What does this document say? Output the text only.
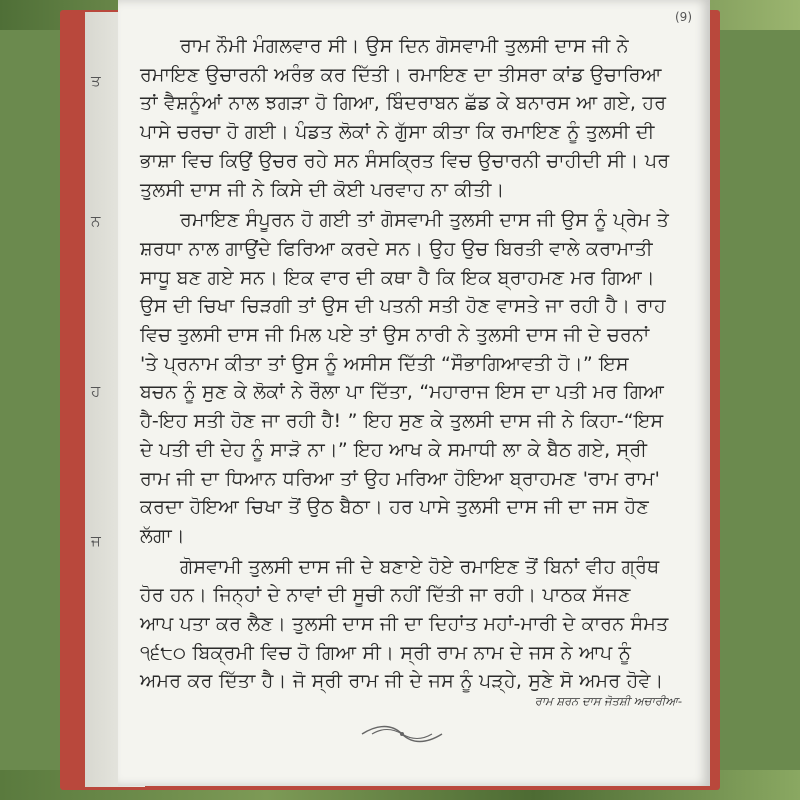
ਤ
ਨ
ਹ
ਜ
(9)

ਰਾਮ ਨੌਮੀ ਮੰਗਲਵਾਰ ਸੀ। ਉਸ ਦਿਨ ਗੋਸਵਾਮੀ ਤੁਲਸੀ ਦਾਸ ਜੀ ਨੇ ਰਮਾਇਣ ਉਚਾਰਨੀ ਅਰੰਭ ਕਰ ਦਿੱਤੀ। ਰਮਾਇਣ ਦਾ ਤੀਸਰਾ ਕਾਂਡ ਉਚਾਰਿਆ ਤਾਂ ਵੈਸ਼ਨੂੰਆਂ ਨਾਲ ਝਗੜਾ ਹੋ ਗਿਆ, ਬਿੰਦਰਾਬਨ ਛੱਡ ਕੇ ਬਨਾਰਸ ਆ ਗਏ, ਹਰ ਪਾਸੇ ਚਰਚਾ ਹੋ ਗਈ। ਪੰਡਤ ਲੋਕਾਂ ਨੇ ਗੁੱਸਾ ਕੀਤਾ ਕਿ ਰਮਾਇਣ ਨੂੰ ਤੁਲਸੀ ਦੀ ਭਾਸ਼ਾ ਵਿਚ ਕਿਉਂ ਉਚਰ ਰਹੇ ਸਨ ਸੰਸਕ੍ਰਿਤ ਵਿਚ ਉਚਾਰਨੀ ਚਾਹੀਦੀ ਸੀ। ਪਰ ਤੁਲਸੀ ਦਾਸ ਜੀ ਨੇ ਕਿਸੇ ਦੀ ਕੋਈ ਪਰਵਾਹ ਨਾ ਕੀਤੀ।

ਰਮਾਇਣ ਸੰਪੂਰਨ ਹੋ ਗਈ ਤਾਂ ਗੋਸਵਾਮੀ ਤੁਲਸੀ ਦਾਸ ਜੀ ਉਸ ਨੂੰ ਪ੍ਰੇਮ ਤੇ ਸ਼ਰਧਾ ਨਾਲ ਗਾਉਂਦੇ ਫਿਰਿਆ ਕਰਦੇ ਸਨ। ਉਹ ਉਚ ਬਿਰਤੀ ਵਾਲੇ ਕਰਾਮਾਤੀ ਸਾਧੂ ਬਣ ਗਏ ਸਨ। ਇਕ ਵਾਰ ਦੀ ਕਥਾ ਹੈ ਕਿ ਇਕ ਬ੍ਰਾਹਮਣ ਮਰ ਗਿਆ। ਉਸ ਦੀ ਚਿਖਾ ਚਿੜਗੀ ਤਾਂ ਉਸ ਦੀ ਪਤਨੀ ਸਤੀ ਹੋਣ ਵਾਸਤੇ ਜਾ ਰਹੀ ਹੈ। ਰਾਹ ਵਿਚ ਤੁਲਸੀ ਦਾਸ ਜੀ ਮਿਲ ਪਏ ਤਾਂ ਉਸ ਨਾਰੀ ਨੇ ਤੁਲਸੀ ਦਾਸ ਜੀ ਦੇ ਚਰਨਾਂ 'ਤੇ ਪ੍ਰਨਾਮ ਕੀਤਾ ਤਾਂ ਉਸ ਨੂੰ ਅਸੀਸ ਦਿੱਤੀ “ਸੌਭਾਗਿਆਵਤੀ ਹੋ।” ਇਸ ਬਚਨ ਨੂੰ ਸੁਣ ਕੇ ਲੋਕਾਂ ਨੇ ਰੌਲਾ ਪਾ ਦਿੱਤਾ, “ਮਹਾਰਾਜ ਇਸ ਦਾ ਪਤੀ ਮਰ ਗਿਆ ਹੈ-ਇਹ ਸਤੀ ਹੋਣ ਜਾ ਰਹੀ ਹੈ! ” ਇਹ ਸੁਣ ਕੇ ਤੁਲਸੀ ਦਾਸ ਜੀ ਨੇ ਕਿਹਾ-“ਇਸ ਦੇ ਪਤੀ ਦੀ ਦੇਹ ਨੂੰ ਸਾੜੋ ਨਾ।” ਇਹ ਆਖ ਕੇ ਸਮਾਧੀ ਲਾ ਕੇ ਬੈਠ ਗਏ, ਸ੍ਰੀ ਰਾਮ ਜੀ ਦਾ ਧਿਆਨ ਧਰਿਆ ਤਾਂ ਉਹ ਮਰਿਆ ਹੋਇਆ ਬ੍ਰਾਹਮਣ 'ਰਾਮ ਰਾਮ' ਕਰਦਾ ਹੋਇਆ ਚਿਖਾ ਤੋਂ ਉਠ ਬੈਠਾ। ਹਰ ਪਾਸੇ ਤੁਲਸੀ ਦਾਸ ਜੀ ਦਾ ਜਸ ਹੋਣ ਲੱਗਾ।

ਗੋਸਵਾਮੀ ਤੁਲਸੀ ਦਾਸ ਜੀ ਦੇ ਬਣਾਏ ਹੋਏ ਰਮਾਇਣ ਤੋਂ ਬਿਨਾਂ ਵੀਹ ਗ੍ਰੰਥ ਹੋਰ ਹਨ। ਜਿਨ੍ਹਾਂ ਦੇ ਨਾਵਾਂ ਦੀ ਸੂਚੀ ਨਹੀਂ ਦਿੱਤੀ ਜਾ ਰਹੀ। ਪਾਠਕ ਸੱਜਣ ਆਪ ਪਤਾ ਕਰ ਲੈਣ। ਤੁਲਸੀ ਦਾਸ ਜੀ ਦਾ ਦਿਹਾਂਤ ਮਹਾਂ-ਮਾਰੀ ਦੇ ਕਾਰਨ ਸੰਮਤ ੧੬੮੦ ਬਿਕ੍ਰਮੀ ਵਿਚ ਹੋ ਗਿਆ ਸੀ। ਸ੍ਰੀ ਰਾਮ ਨਾਮ ਦੇ ਜਸ ਨੇ ਆਪ ਨੂੰ ਅਮਰ ਕਰ ਦਿੱਤਾ ਹੈ। ਜੋ ਸ੍ਰੀ ਰਾਮ ਜੀ ਦੇ ਜਸ ਨੂੰ ਪੜ੍ਹੇ, ਸੁਣੇ ਸੋ ਅਮਰ ਹੋਵੇ।

ਰਾਮ ਸ਼ਰਨ ਦਾਸ ਜੋਤਸ਼ੀ ਅਚਾਰੀਆ-
